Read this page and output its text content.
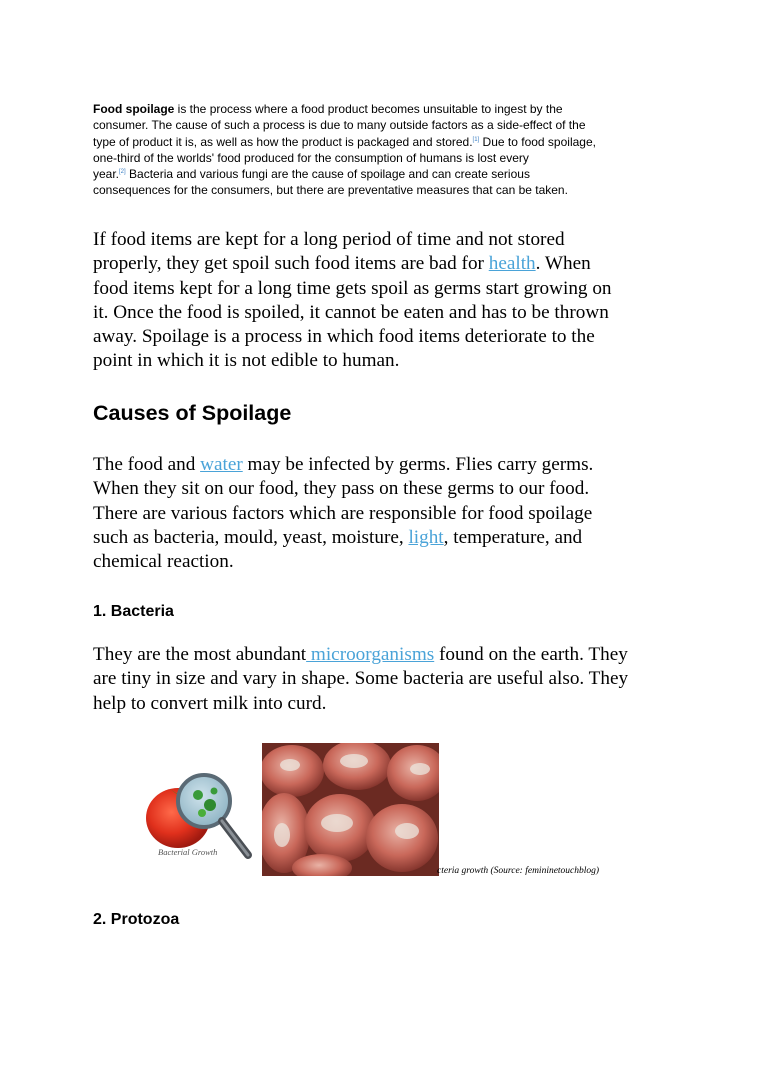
Food spoilage is the process where a food product becomes unsuitable to ingest by the
consumer. The cause of such a process is due to many outside factors as a side-effect of the
type of product it is, as well as how the product is packaged and stored.[1] Due to food spoilage,
one-third of the worlds' food produced for the consumption of humans is lost every
year.[2] Bacteria and various fungi are the cause of spoilage and can create serious
consequences for the consumers, but there are preventative measures that can be taken.
If food items are kept for a long period of time and not stored
properly, they get spoil such food items are bad for health. When
food items kept for a long time gets spoil as germs start growing on
it. Once the food is spoiled, it cannot be eaten and has to be thrown
away. Spoilage is a process in which food items deteriorate to the
point in which it is not edible to human.
Causes of Spoilage
The food and water may be infected by germs. Flies carry germs.
When they sit on our food, they pass on these germs to our food.
There are various factors which are responsible for food spoilage
such as bacteria, mould, yeast, moisture, light, temperature, and
chemical reaction.
1. Bacteria
They are the most abundant microorganisms found on the earth. They
are tiny in size and vary in shape. Some bacteria are useful also. They
help to convert milk into curd.
Bacterial Growth
cteria growth (Source: femininetouchblog)
2. Protozoa
